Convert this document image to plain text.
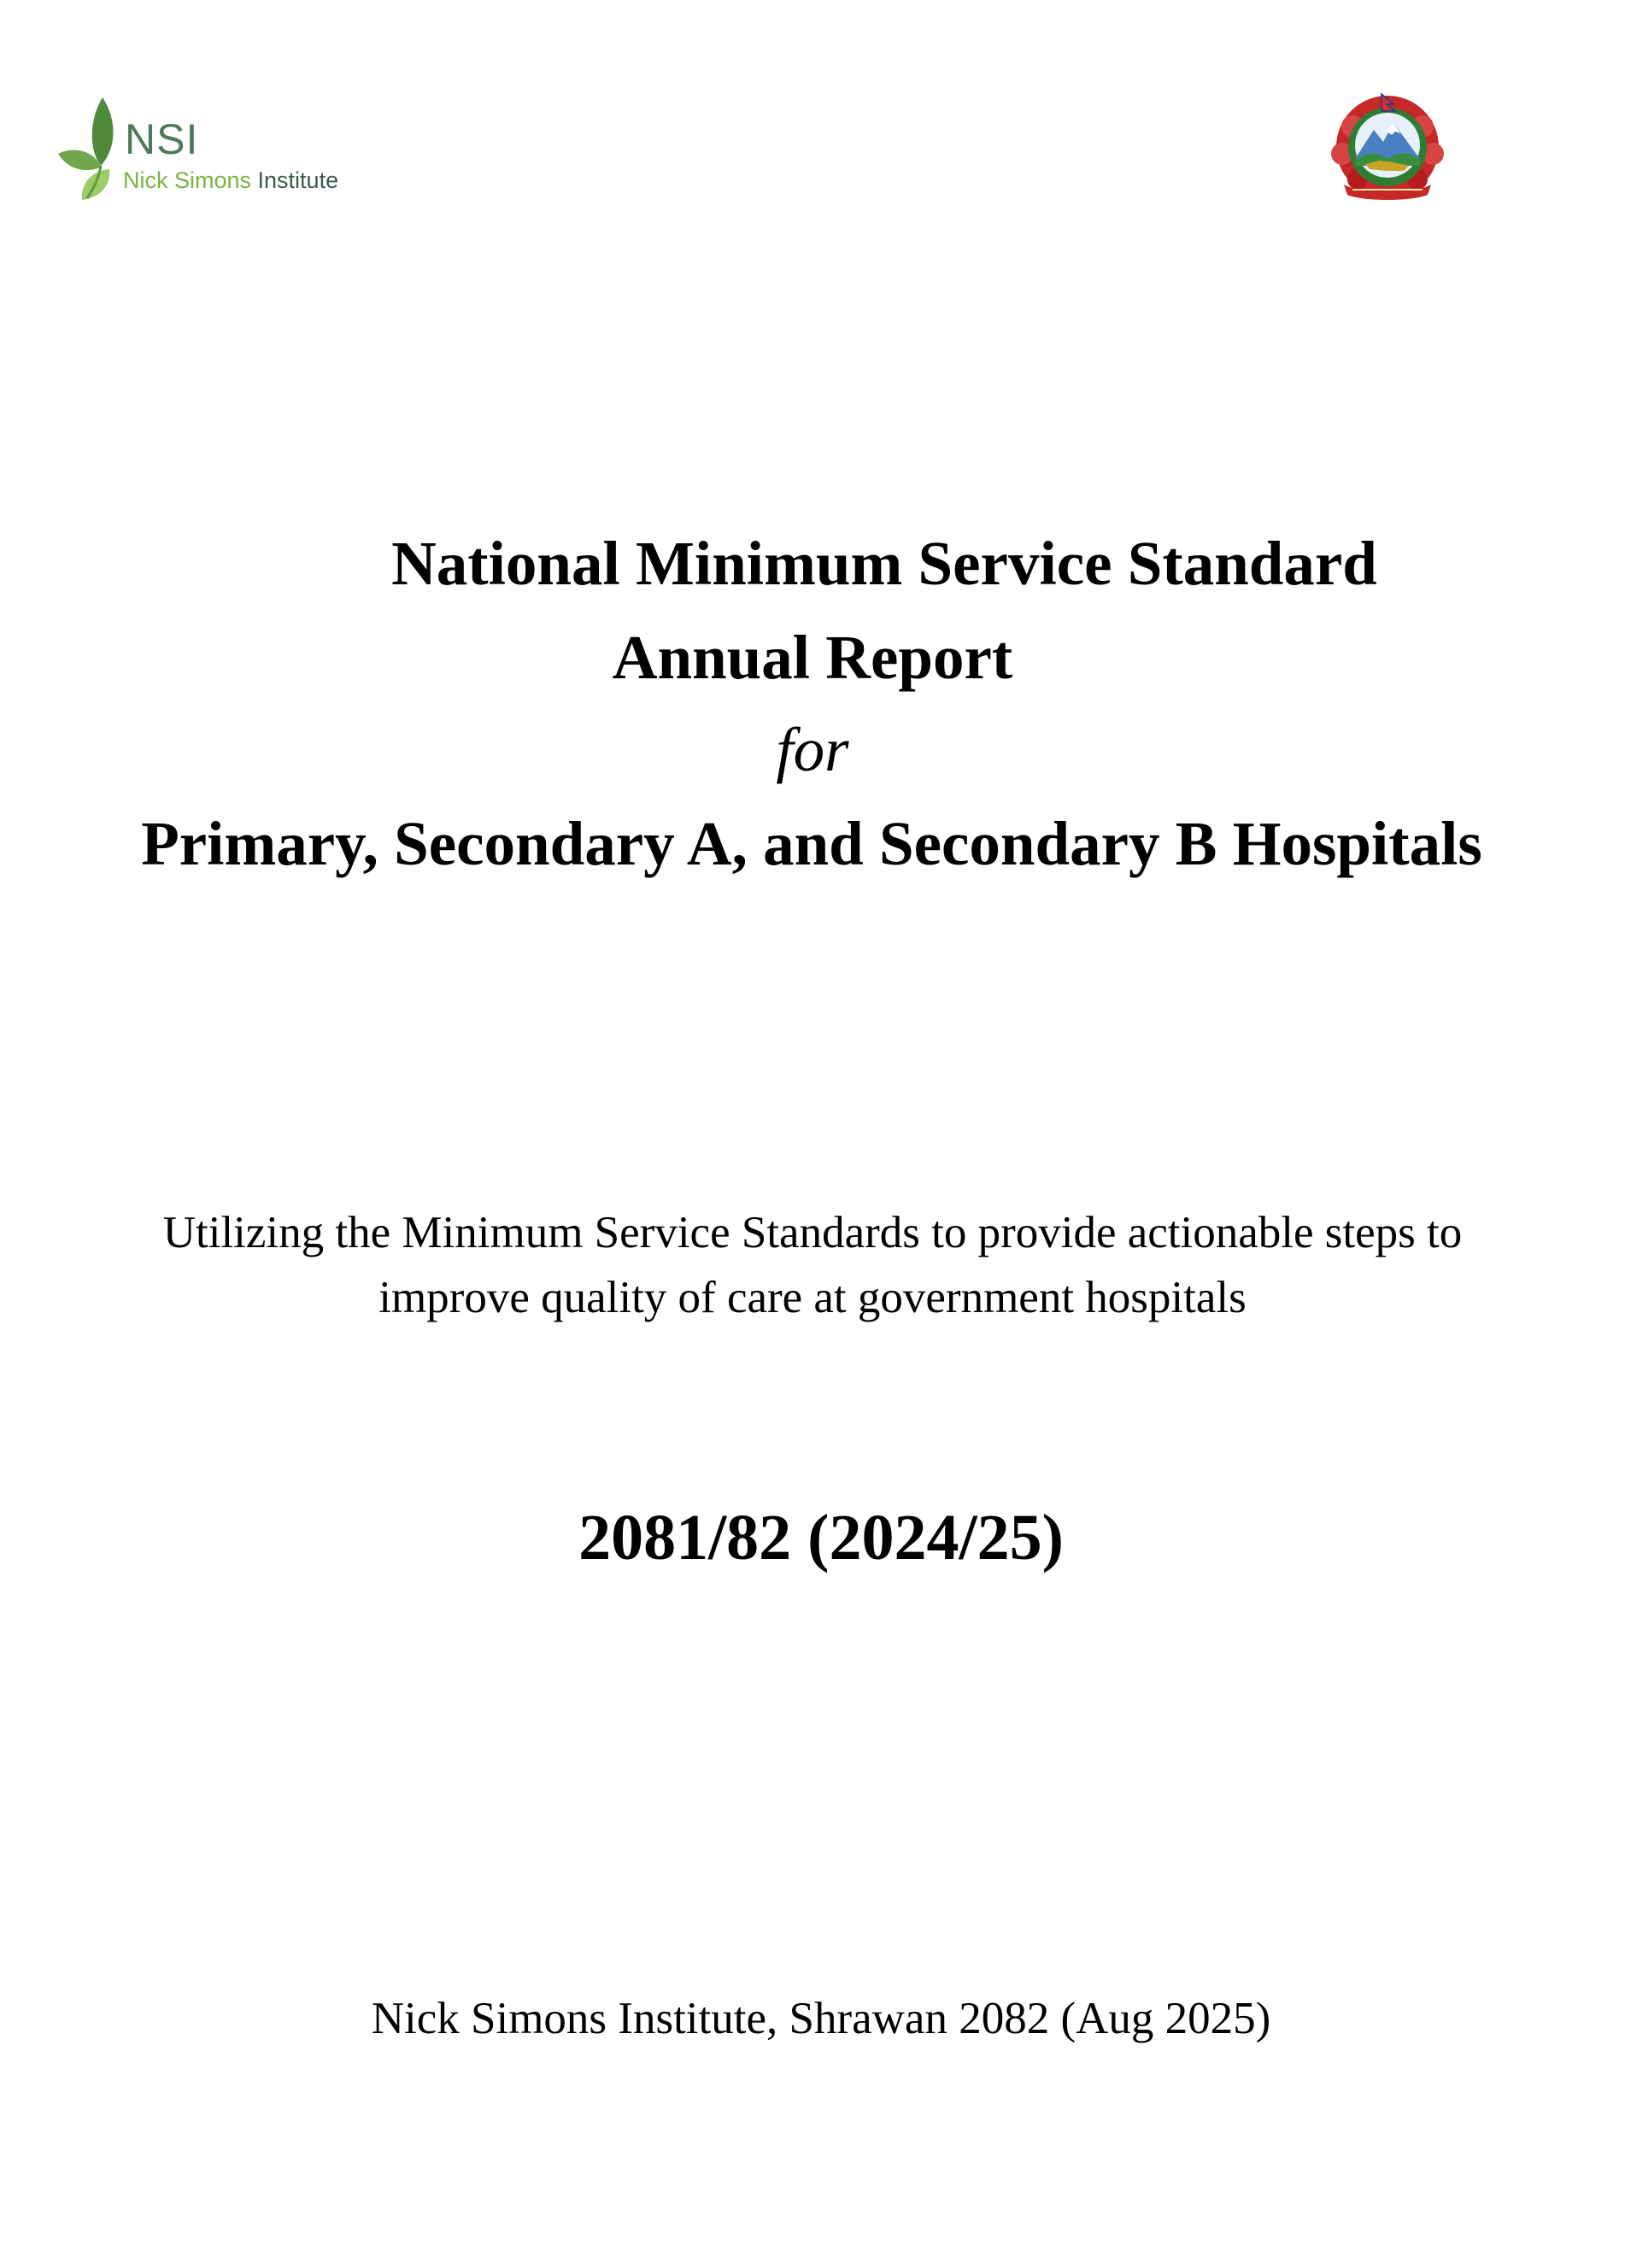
NSI
Nick Simons Institute
National Minimum Service Standard
Annual Report
for
Primary, Secondary A, and Secondary B Hospitals
Utilizing the Minimum Service Standards to provide actionable steps to
improve quality of care at government hospitals
2081/82 (2024/25)
Nick Simons Institute, Shrawan 2082 (Aug 2025)
